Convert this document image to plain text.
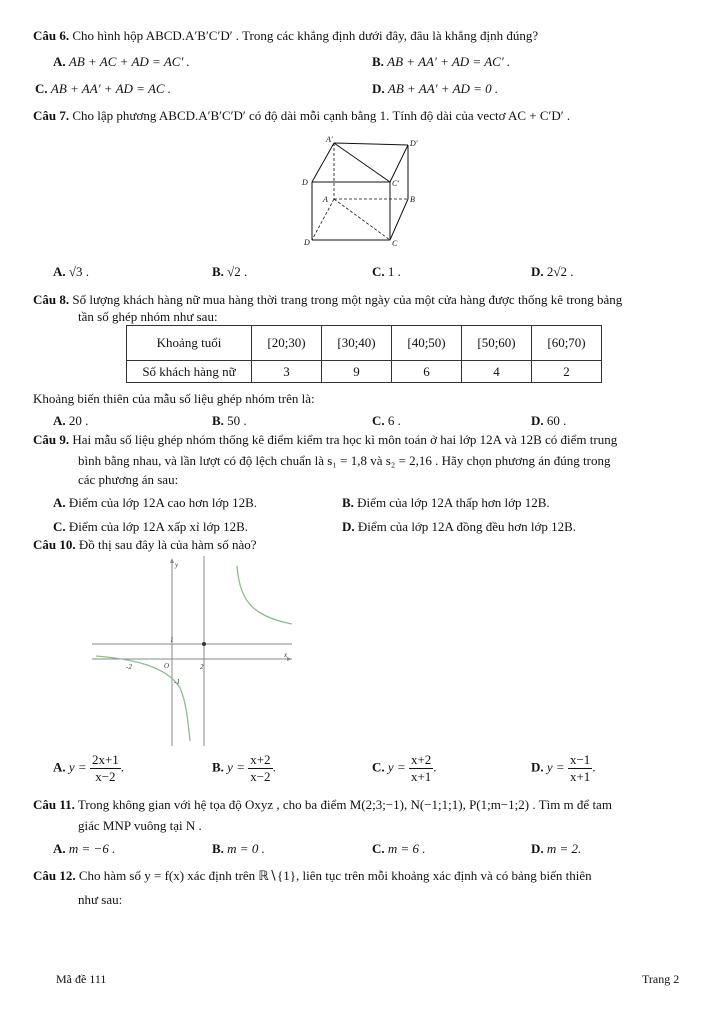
Câu 6. Cho hình hộp ABCD.A′B′C′D′ . Trong các khẳng định dưới đây, đâu là khẳng định đúng?
A. AB + AC + AD = AC′ .	B. AB + AA′ + AD = AC′ .
C. AB + AA′ + AD = AC .	D. AB + AA′ + AD = 0 .
Câu 7. Cho lập phương ABCD.A′B′C′D′ có độ dài mỗi cạnh bằng 1. Tính độ dài của vectơ AC + C′D′ .
A′	D′
D	C′
A	B
D	C
A. √3 .	B. √2 .	C. 1 .	D. 2√2 .
Câu 8. Số lượng khách hàng nữ mua hàng thời trang trong một ngày của một cửa hàng được thống kê trong bảng
tần số ghép nhóm như sau:
Khoảng tuổi	[20;30)	[30;40)	[40;50)	[50;60)	[60;70)
Số khách hàng nữ	3	9	6	4	2
Khoảng biến thiên của mẫu số liệu ghép nhóm trên là:
A. 20 .	B. 50 .	C. 6 .	D. 60 .
Câu 9. Hai mẫu số liệu ghép nhóm thống kê điểm kiểm tra học kì môn toán ở hai lớp 12A và 12B có điểm trung
bình bằng nhau, và lần lượt có độ lệch chuẩn là s₁ = 1,8 và s₂ = 2,16 . Hãy chọn phương án đúng trong
các phương án sau:
A. Điểm của lớp 12A cao hơn lớp 12B.	B. Điểm của lớp 12A thấp hơn lớp 12B.
C. Điểm của lớp 12A xấp xỉ lớp 12B.	D. Điểm của lớp 12A đồng đều hơn lớp 12B.
Câu 10. Đồ thị sau đây là của hàm số nào?
y
x
1
O
-2	2
-1
A. $y = \frac{2x+1}{x-2}$ .	B. $y = \frac{x+2}{x-2}$ .	C. $y = \frac{x+2}{x+1}$ .	D. $y = \frac{x-1}{x+1}$ .
Câu 11. Trong không gian với hệ tọa độ Oxyz , cho ba điểm M(2;3;−1), N(−1;1;1), P(1;m−1;2) . Tìm m để tam
giác MNP vuông tại N .
A. m = −6 .	B. m = 0 .	C. m = 6 .	D. m = 2.
Câu 12. Cho hàm số y = f(x) xác định trên ℝ∖{1}, liên tục trên mỗi khoảng xác định và có bảng biến thiên
như sau:
Mã đề 111	Trang 2
